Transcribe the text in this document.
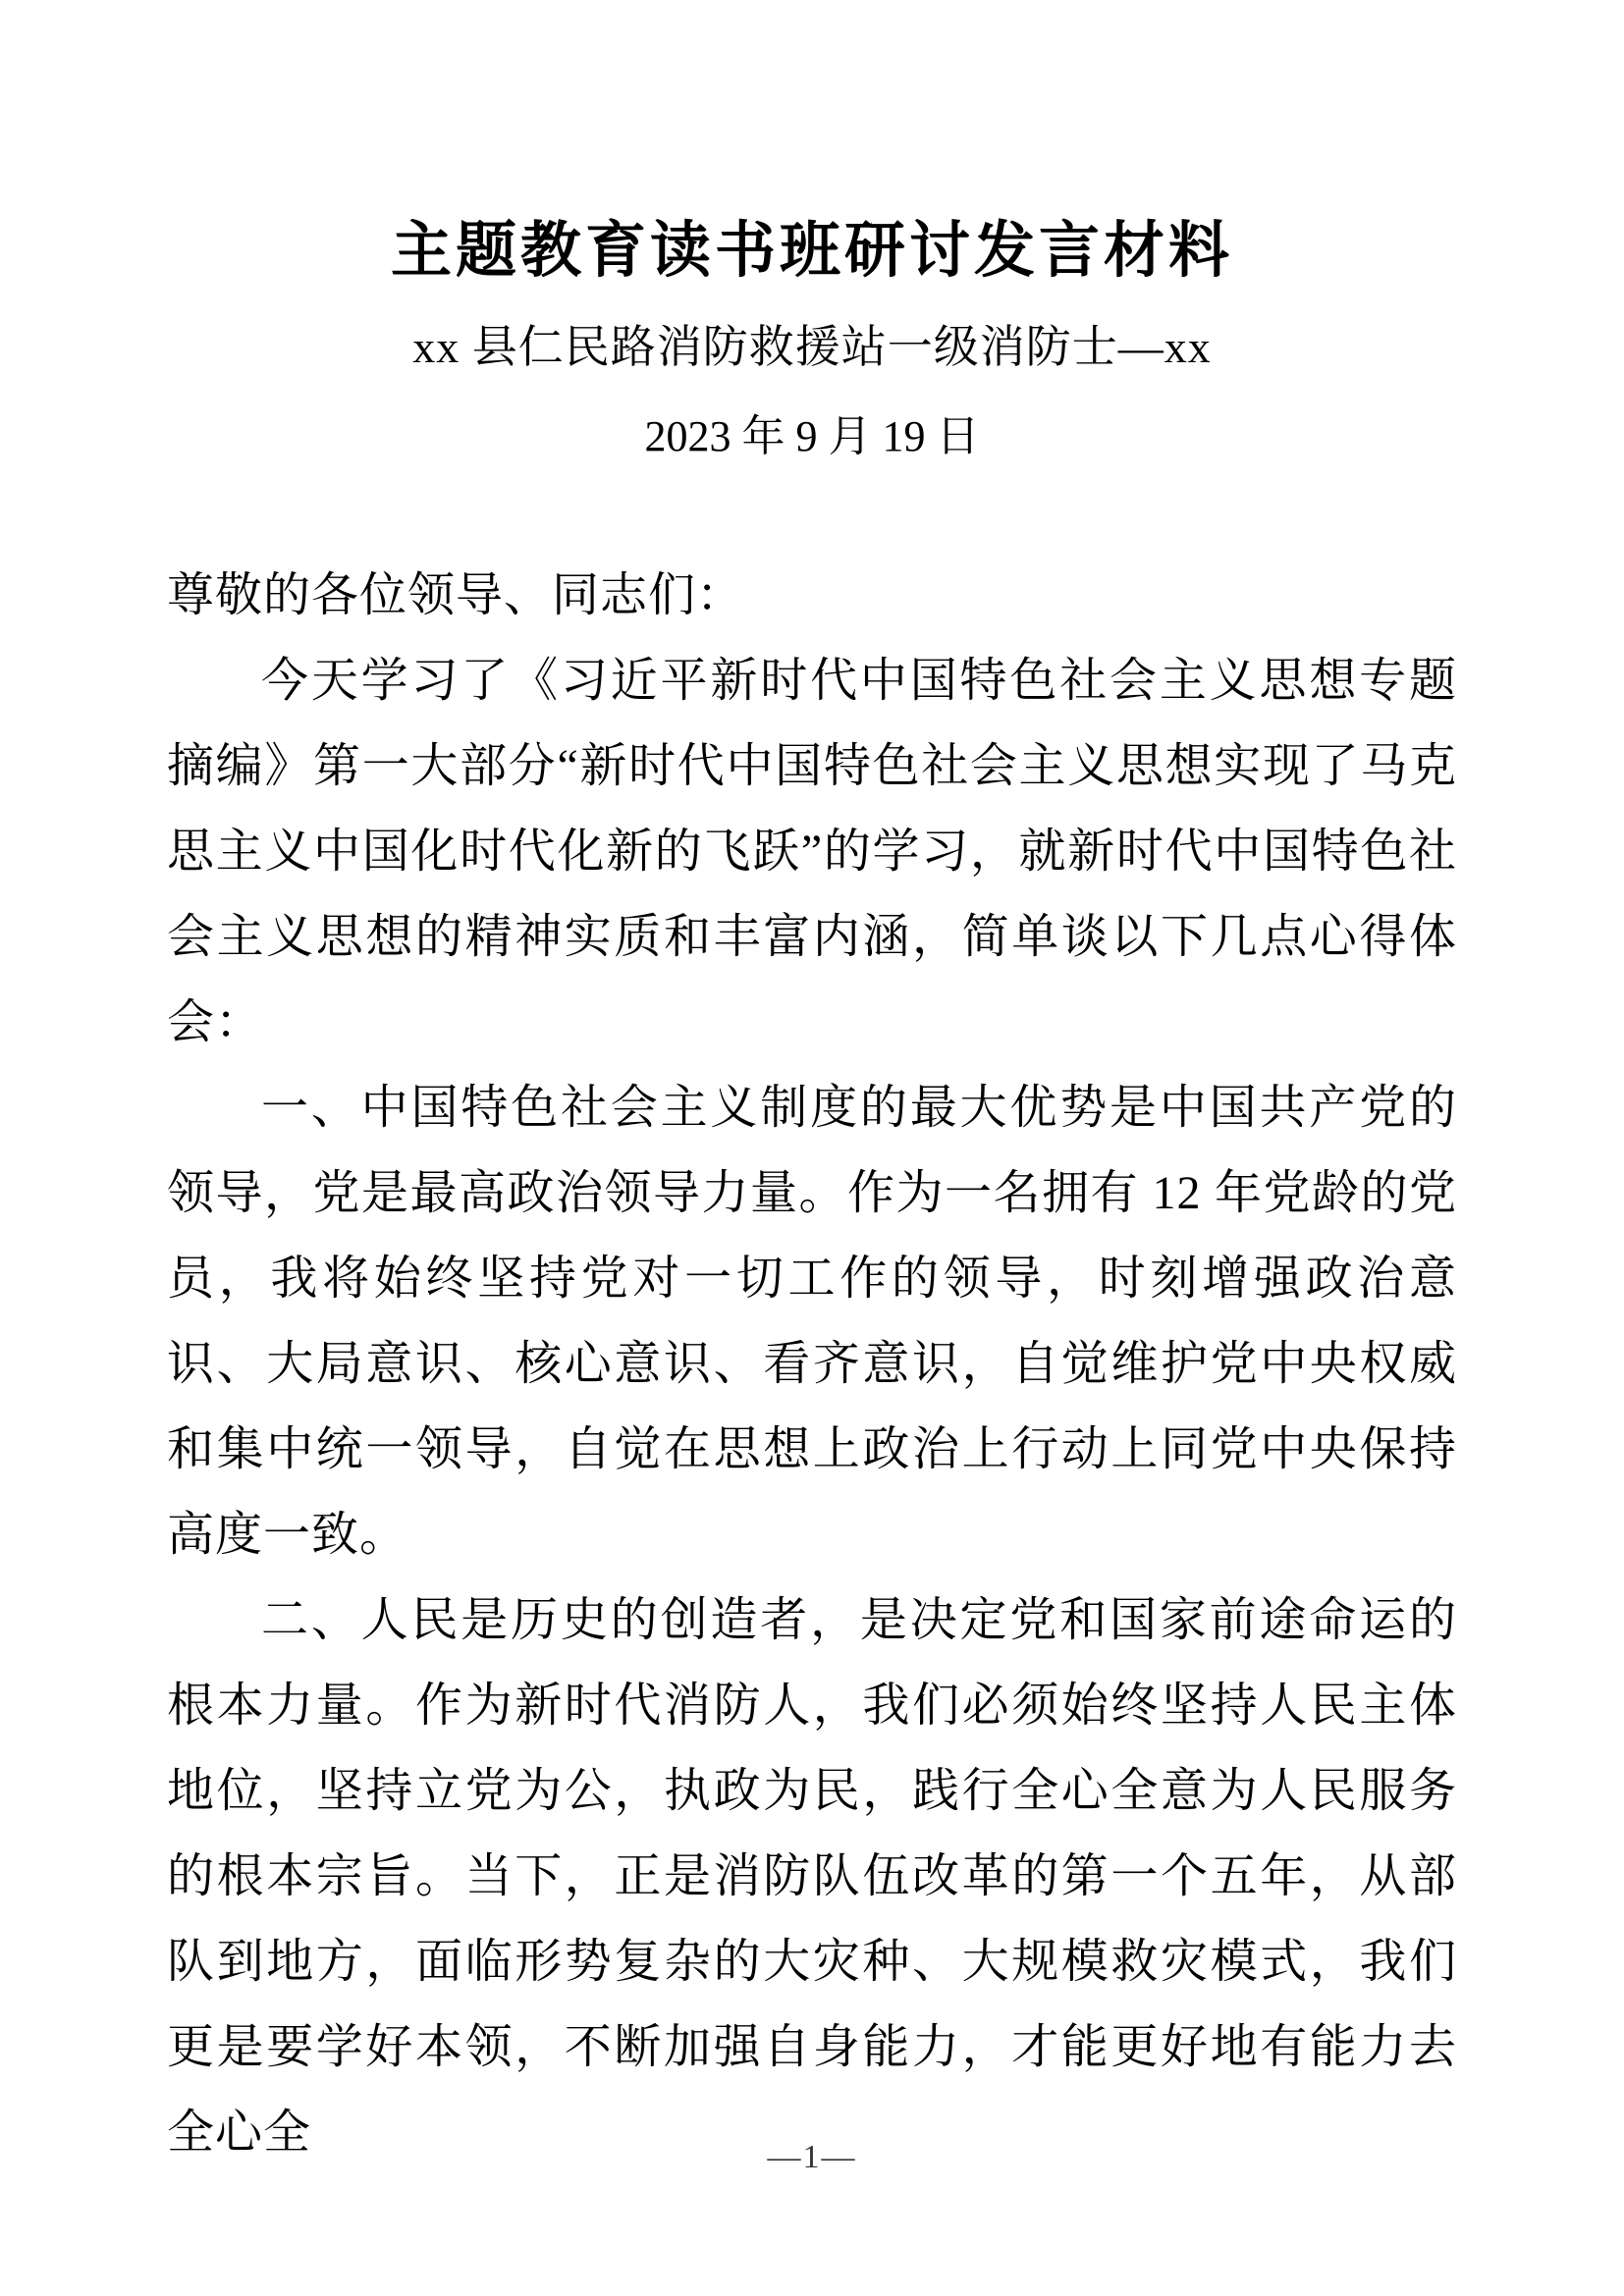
主题教育读书班研讨发言材料
xx 县仁民路消防救援站一级消防士—xx
2023 年 9 月 19 日

尊敬的各位领导、同志们：

今天学习了《习近平新时代中国特色社会主义思想专题摘编》第一大部分“新时代中国特色社会主义思想实现了马克思主义中国化时代化新的飞跃”的学习，就新时代中国特色社会主义思想的精神实质和丰富内涵，简单谈以下几点心得体会：

一、中国特色社会主义制度的最大优势是中国共产党的领导，党是最高政治领导力量。作为一名拥有 12 年党龄的党员，我将始终坚持党对一切工作的领导，时刻增强政治意识、大局意识、核心意识、看齐意识，自觉维护党中央权威和集中统一领导，自觉在思想上政治上行动上同党中央保持高度一致。

二、人民是历史的创造者，是决定党和国家前途命运的根本力量。作为新时代消防人，我们必须始终坚持人民主体地位，坚持立党为公，执政为民，践行全心全意为人民服务的根本宗旨。当下，正是消防队伍改革的第一个五年，从部队到地方，面临形势复杂的大灾种、大规模救灾模式，我们更是要学好本领，不断加强自身能力，才能更好地有能力去全心全	—1—
